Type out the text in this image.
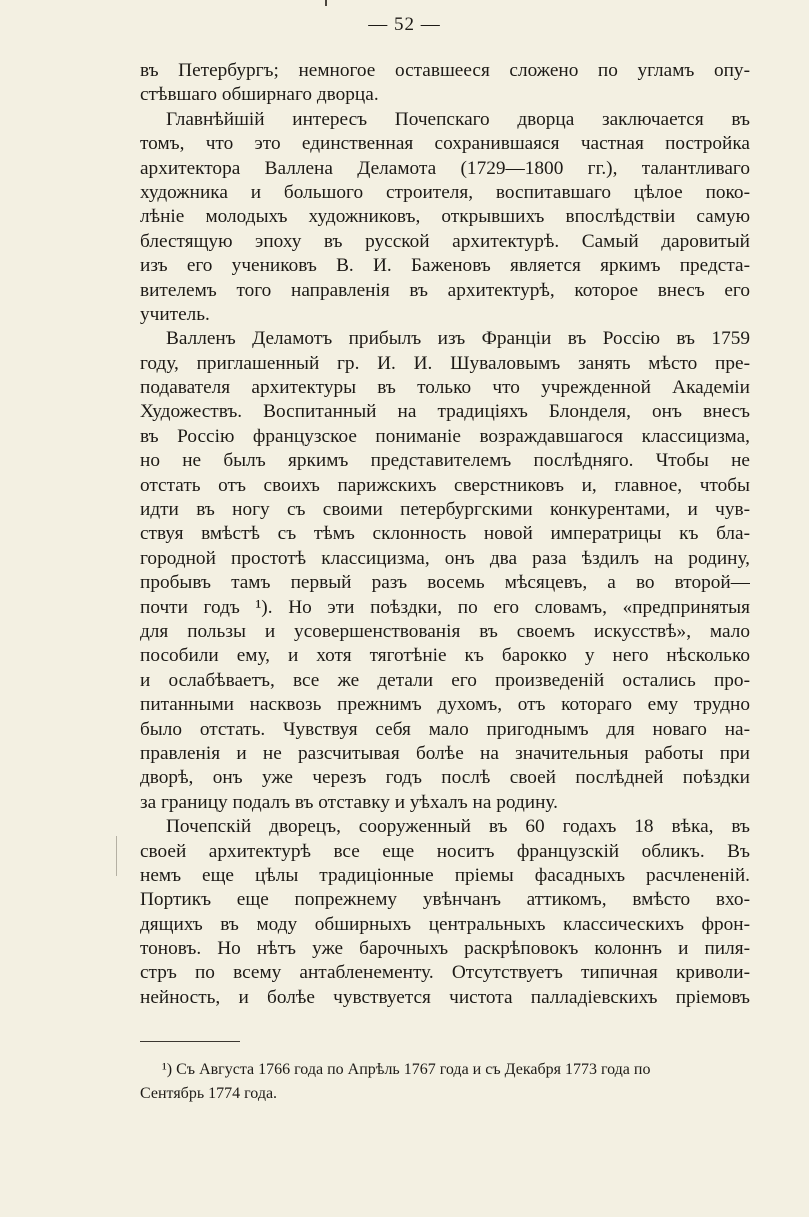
— 52 —
въ Петербургъ; немногое оставшееся сложено по угламъ опу-
стѣвшаго обширнаго дворца.
Главнѣйшій интересъ Почепскаго дворца заключается въ
томъ, что это единственная сохранившаяся частная постройка
архитектора Валлена Деламота (1729—1800 гг.), талантливаго
художника и большого строителя, воспитавшаго цѣлое поко-
лѣніе молодыхъ художниковъ, открывшихъ впослѣдствіи самую
блестящую эпоху въ русской архитектурѣ. Самый даровитый
изъ его учениковъ В. И. Баженовъ является яркимъ предста-
вителемъ того направленія въ архитектурѣ, которое внесъ его
учитель.
Валленъ Деламотъ прибылъ изъ Франціи въ Россію въ 1759
году, приглашенный гр. И. И. Шуваловымъ занять мѣсто пре-
подавателя архитектуры въ только что учрежденной Академіи
Художествъ. Воспитанный на традиціяхъ Блонделя, онъ внесъ
въ Россію французское пониманіе возраждавшагося классицизма,
но не былъ яркимъ представителемъ послѣдняго. Чтобы не
отстать отъ своихъ парижскихъ сверстниковъ и, главное, чтобы
идти въ ногу съ своими петербургскими конкурентами, и чув-
ствуя вмѣстѣ съ тѣмъ склонность новой императрицы къ бла-
городной простотѣ классицизма, онъ два раза ѣздилъ на родину,
пробывъ тамъ первый разъ восемь мѣсяцевъ, а во второй—
почти годъ ¹). Но эти поѣздки, по его словамъ, «предпринятыя
для пользы и усовершенствованія въ своемъ искусствѣ», мало
пособили ему, и хотя тяготѣніе къ барокко у него нѣсколько
и ослабѣваетъ, все же детали его произведеній остались про-
питанными насквозь прежнимъ духомъ, отъ котораго ему трудно
было отстать. Чувствуя себя мало пригоднымъ для новаго на-
правленія и не разсчитывая болѣе на значительныя работы при
дворѣ, онъ уже черезъ годъ послѣ своей послѣдней поѣздки
за границу подалъ въ отставку и уѣхалъ на родину.
Почепскій дворецъ, сооруженный въ 60 годахъ 18 вѣка, въ
своей архитектурѣ все еще носитъ французскій обликъ. Въ
немъ еще цѣлы традиціонные пріемы фасадныхъ расчлененій.
Портикъ еще попрежнему увѣнчанъ аттикомъ, вмѣсто вхо-
дящихъ въ моду обширныхъ центральныхъ классическихъ фрон-
тоновъ. Но нѣтъ уже барочныхъ раскрѣповокъ колоннъ и пиля-
стръ по всему антабленементу. Отсутствуетъ типичная криволи-
нейность, и болѣе чувствуется чистота палладіевскихъ пріемовъ
¹) Съ Августа 1766 года по Апрѣль 1767 года и съ Декабря 1773 года по
Сентябрь 1774 года.
